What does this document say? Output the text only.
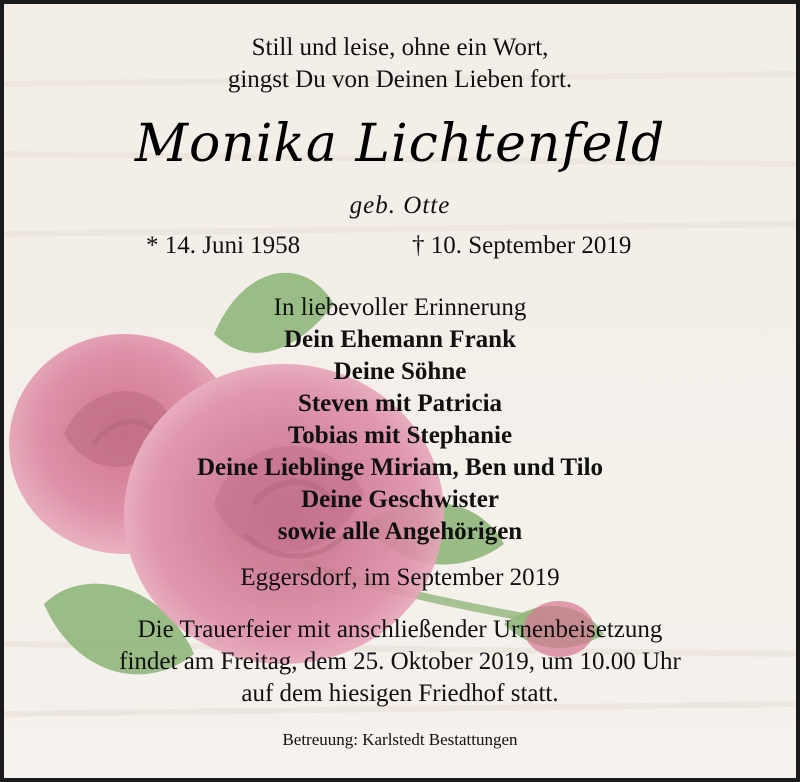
Still und leise, ohne ein Wort,
gingst Du von Deinen Lieben fort.
Monika Lichtenfeld
geb. Otte
* 14. Juni 1958	† 10. September 2019
In liebevoller Erinnerung
Dein Ehemann Frank
Deine Söhne
Steven mit Patricia
Tobias mit Stephanie
Deine Lieblinge Miriam, Ben und Tilo
Deine Geschwister
sowie alle Angehörigen
Eggersdorf, im September 2019
Die Trauerfeier mit anschließender Urnenbeisetzung
findet am Freitag, dem 25. Oktober 2019, um 10.00 Uhr
auf dem hiesigen Friedhof statt.
Betreuung: Karlstedt Bestattungen
